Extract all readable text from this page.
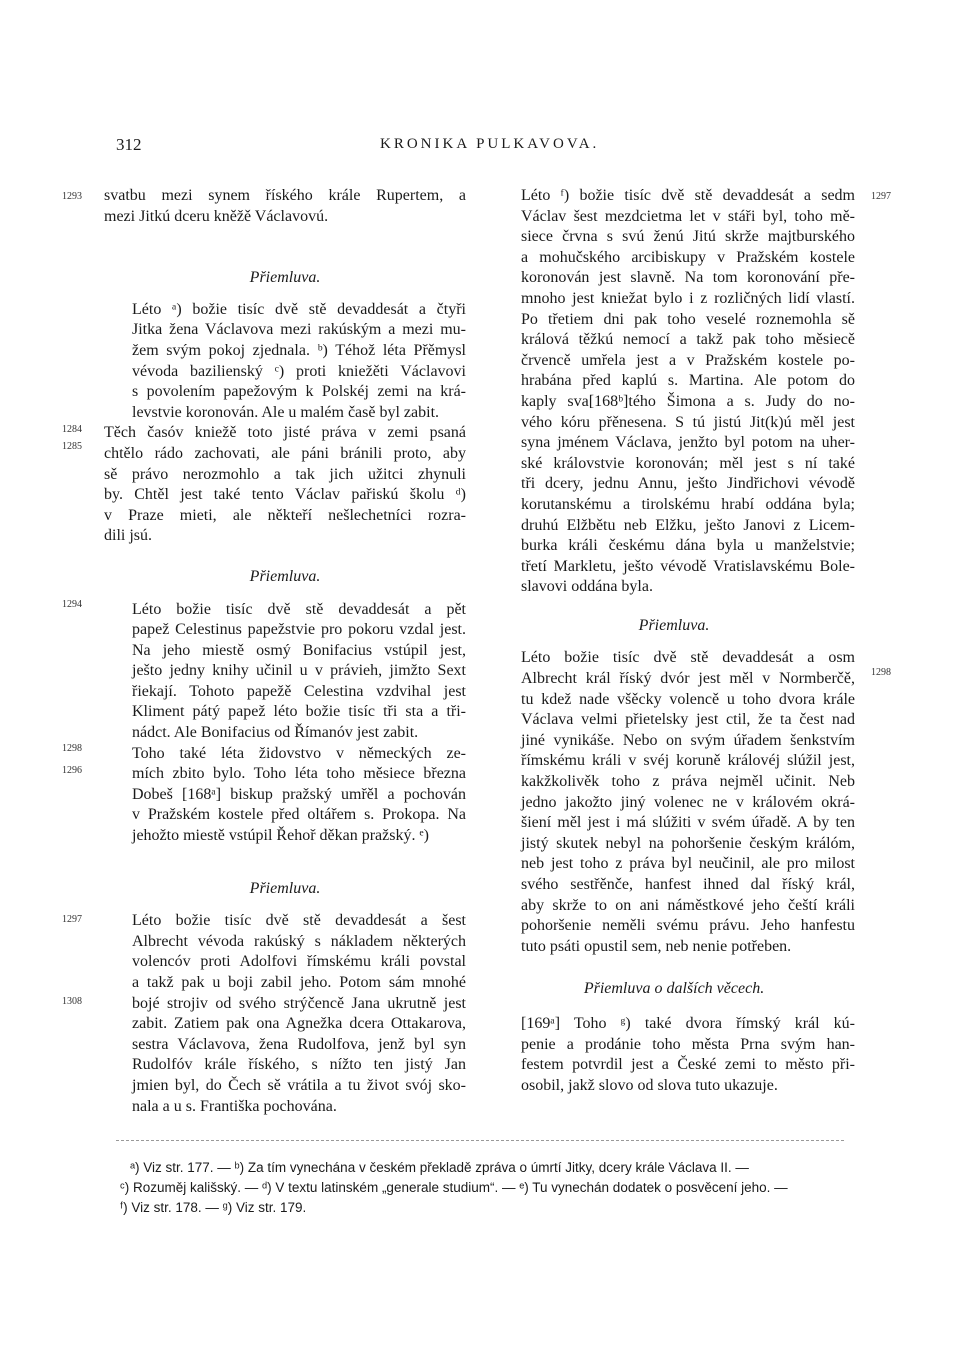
312	KRONIKA PULKAVOVA.
1293
1284
1285
1294
1298
1296
1297
1308
1297
1298
svatbu mezi synem říského krále Rupertem, a
mezi Jitkú dceru kněžě Václavovú.
Přiemluva.
Léto ᵃ) božie tisíc dvě stě devaddesát a čtyři
Jitka žena Václavova mezi rakúským a mezi mu-
žem svým pokoj zjednala. ᵇ) Téhož léta Přěmysl
vévoda bazilienský ᶜ) proti kniežěti Václavovi
s povolením papežovým k Polskéj zemi na krá-
levstvie koronován. Ale u malém časě byl zabit.
Těch časóv kniežě toto jisté práva v zemi psaná
chtělo rádo zachovati, ale páni bránili proto, aby
sě právo nerozmohlo a tak jich užitci zhynuli
by. Chtěl jest také tento Václav pařiskú školu ᵈ)
v Praze mieti, ale někteří nešlechetníci rozra-
dili jsú.
Přiemluva.
Léto božie tisíc dvě stě devaddesát a pět
papež Celestinus papežstvie pro pokoru vzdal jest.
Na jeho miestě osmý Bonifacius vstúpil jest,
ješto jedny knihy učinil u v právieh, jimžto Sext
řiekají. Tohoto papežě Celestina vzdvihal jest
Kliment pátý papež léto božie tisíc tři sta a tři-
nádct. Ale Bonifacius od Římanóv jest zabit.
Toho také léta židovstvo v německých ze-
mích zbito bylo. Toho léta toho měsiece března
Dobeš [168ᵃ] biskup pražský umřěl a pochován
v Pražském kostele před oltářem s. Prokopa. Na
jehožto miestě vstúpil Řehoř děkan pražský. ᵉ)
Přiemluva.
Léto božie tisíc dvě stě devaddesát a šest
Albrecht vévoda rakúský s nákladem některých
volencóv proti Adolfovi římskému králi povstal
a takž pak u boji zabil jeho. Potom sám mnohé
bojé strojiv od svého strýčencě Jana ukrutně jest
zabit. Zatiem pak ona Agnežka dcera Ottakarova,
sestra Václavova, žena Rudolfova, jenž byl syn
Rudolfóv krále říského, s nížto ten jistý Jan
jmien byl, do Čech sě vrátila a tu život svój sko-
nala a u s. Františka pochována.
Léto ᶠ) božie tisíc dvě stě devaddesát a sedm
Václav šest mezdcietma let v stáři byl, toho mě-
siece črvna s svú ženú Jitú skrže majtburského
a mohučského arcibiskupy v Pražském kostele
koronován jest slavně. Na tom koronování pře-
mnoho jest kniežat bylo i z rozličných lidí vlastí.
Po třetiem dni pak toho veselé roznemohla sě
králová těžkú nemocí a takž pak toho měsiecě
črvencě umřela jest a v Pražském kostele po-
hrabána před kaplú s. Martina. Ale potom do
kaply sva[168ᵇ]tého Šimona a s. Judy do no-
vého kóru přěnesena. S tú jistú Jit(k)ú měl jest
syna jménem Václava, jenžto byl potom na uher-
ské královstvie koronován; měl jest s ní také
tři dcery, jednu Annu, ješto Jindřichovi vévodě
korutanskému a tirolskému hrabí oddána byla;
druhú Elžbětu neb Elžku, ješto Janovi z Licem-
burka králi českému dána byla u manželstvie;
třetí Markletu, ješto vévodě Vratislavskému Bole-
slavovi oddána byla.
Přiemluva.
Léto božie tisíc dvě stě devaddesát a osm
Albrecht král říský dvór jest měl v Normberčě,
tu kdež nade všěcky volencě u toho dvora krále
Václava velmi přietelsky jest ctil, že ta čest nad
jiné vynikáše. Nebo on svým úřadem šenkstvím
římskému králi v svéj koruně královéj slúžil jest,
kakžkolivěk toho z práva nejměl učinit. Neb
jedno jakožto jiný volenec ne v královém okrá-
šiení měl jest i má slúžiti v svém úřadě. A by ten
jistý skutek nebyl na pohoršenie českým králóm,
neb jest toho z práva byl neučinil, ale pro milost
svého sestřěnče, hanfest ihned dal říský král,
aby skrže to on ani náměstkové jeho čeští králi
pohoršenie neměli svému právu. Jeho hanfestu
tuto psáti opustil sem, neb nenie potřeben.
Přiemluva o dalších věcech.
[169ᵃ] Toho ᵍ) také dvora římský král kú-
penie a prodánie toho města Prna svým han-
festem potvrdil jest a České zemi to město při-
osobil, jakž slovo od slova tuto ukazuje.
ᵃ) Viz str. 177. — ᵇ) Za tím vynechána v českém překladě zpráva o úmrtí Jitky, dcery krále Václava II. —
ᶜ) Rozuměj kališský. — ᵈ) V textu latinském „generale studium“. — ᵉ) Tu vynechán dodatek o posvěcení jeho. —
ᶠ) Viz str. 178. — ᵍ) Viz str. 179.
